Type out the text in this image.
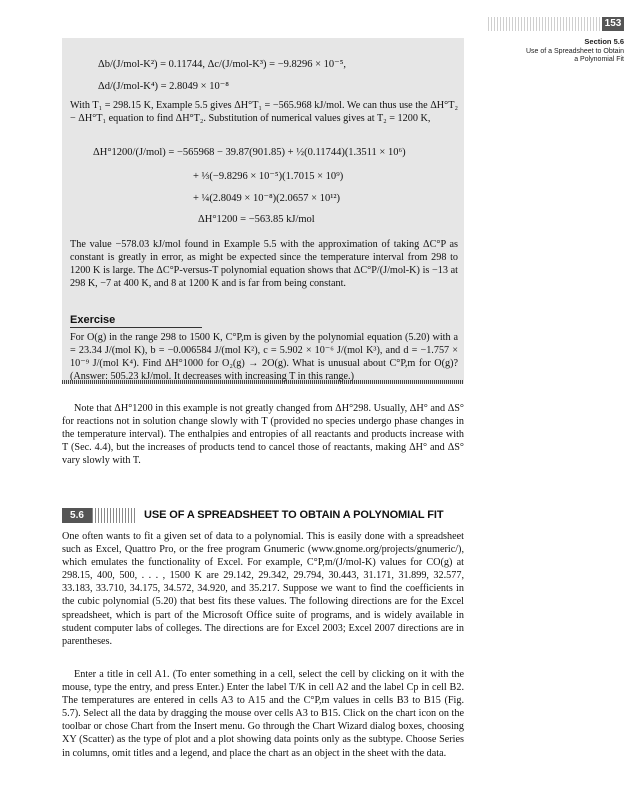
153
Section 5.6
Use of a Spreadsheet to Obtain
a Polynomial Fit
Δb/(J/mol-K²) = 0.11744, Δc/(J/mol-K³) = −9.8296 × 10⁻⁵,
Δd/(J/mol-K⁴) = 2.8049 × 10⁻⁸
With T₁ = 298.15 K, Example 5.5 gives ΔH°T₁ = −565.968 kJ/mol. We can thus use the ΔH°T₂ − ΔH°T₁ equation to find ΔH°T₂. Substitution of numerical values gives at T₂ = 1200 K,
ΔH°1200/(J/mol) = −565968 − 39.87(901.85) + ½(0.11744)(1.3511 × 10⁶)
+ ⅓(−9.8296 × 10⁻⁵)(1.7015 × 10⁹)
+ ¼(2.8049 × 10⁻⁸)(2.0657 × 10¹²)
ΔH°1200 = −563.85 kJ/mol
The value −578.03 kJ/mol found in Example 5.5 with the approximation of taking ΔC°P as constant is greatly in error, as might be expected since the temperature interval from 298 to 1200 K is large. The ΔC°P-versus-T polynomial equation shows that ΔC°P/(J/mol-K) is −13 at 298 K, −7 at 400 K, and 8 at 1200 K and is far from being constant.
Exercise
For O(g) in the range 298 to 1500 K, C°P,m is given by the polynomial equation (5.20) with a = 23.34 J/(mol K), b = −0.006584 J/(mol K²), c = 5.902 × 10⁻⁶ J/(mol K³), and d = −1.757 × 10⁻⁹ J/(mol K⁴). Find ΔH°1000 for O₂(g) → 2O(g). What is unusual about C°P,m for O(g)? (Answer: 505.23 kJ/mol. It decreases with increasing T in this range.)
Note that ΔH°1200 in this example is not greatly changed from ΔH°298. Usually, ΔH° and ΔS° for reactions not in solution change slowly with T (provided no species undergo phase changes in the temperature interval). The enthalpies and entropies of all reactants and products increase with T (Sec. 4.4), but the increases of products tend to cancel those of reactants, making ΔH° and ΔS° vary slowly with T.
5.6	USE OF A SPREADSHEET TO OBTAIN A POLYNOMIAL FIT
One often wants to fit a given set of data to a polynomial. This is easily done with a spreadsheet such as Excel, Quattro Pro, or the free program Gnumeric (www.gnome.org/projects/gnumeric/), which emulates the functionality of Excel. For example, C°P,m/(J/mol-K) values for CO(g) at 298.15, 400, 500, . . . , 1500 K are 29.142, 29.342, 29.794, 30.443, 31.171, 31.899, 32.577, 33.183, 33.710, 34.175, 34.572, 34.920, and 35.217. Suppose we want to find the coefficients in the cubic polynomial (5.20) that best fits these values. The following directions are for the Excel spreadsheet, which is part of the Microsoft Office suite of programs, and is widely available in student computer labs of colleges. The directions are for Excel 2003; Excel 2007 directions are in parentheses.
Enter a title in cell A1. (To enter something in a cell, select the cell by clicking on it with the mouse, type the entry, and press Enter.) Enter the label T/K in cell A2 and the label Cp in cell B2. The temperatures are entered in cells A3 to A15 and the C°P,m values in cells B3 to B15 (Fig. 5.7). Select all the data by dragging the mouse over cells A3 to B15. Click on the chart icon on the toolbar or chose Chart from the Insert menu. Go through the Chart Wizard dialog boxes, choosing XY (Scatter) as the type of plot and a plot showing data points only as the subtype. Choose Series in columns, omit titles and a legend, and place the chart as an object in the sheet with the data.
